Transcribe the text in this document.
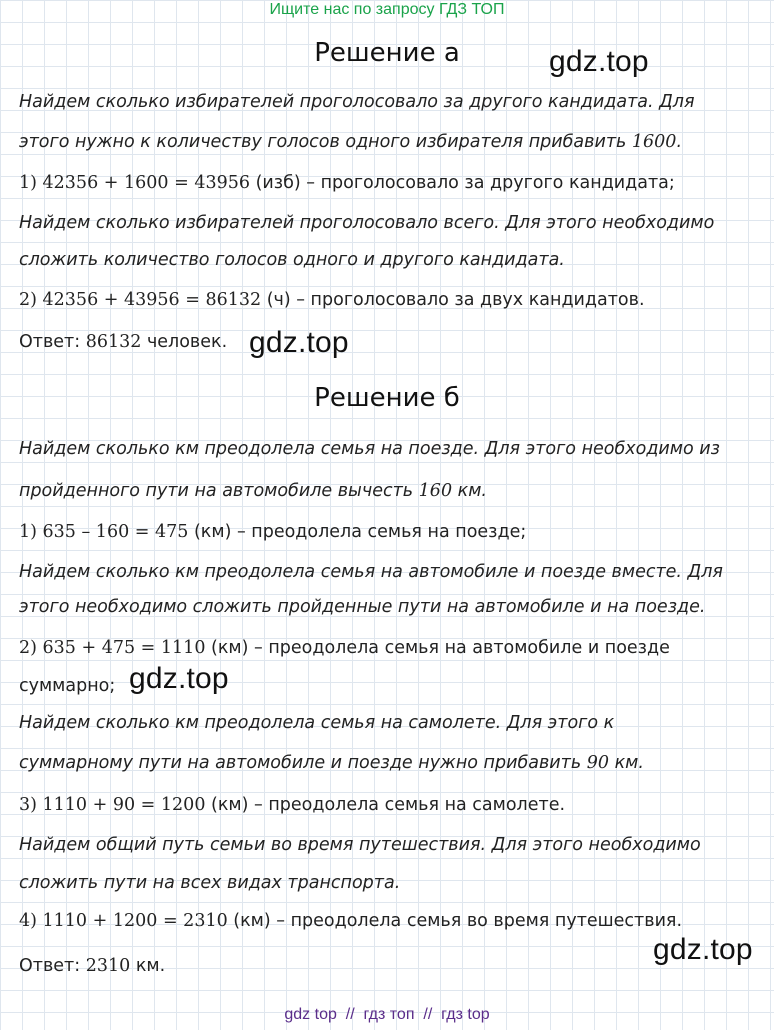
Ищите нас по запросу ГДЗ ТОП
Решение а	gdz.top
Найдем сколько избирателей проголосовало за другого кандидата. Для
этого нужно к количеству голосов одного избирателя прибавить 1600.
1) 42356 + 1600 = 43956 (изб) – проголосовало за другого кандидата;
Найдем сколько избирателей проголосовало всего. Для этого необходимо
сложить количество голосов одного и другого кандидата.
2) 42356 + 43956 = 86132 (ч) – проголосовало за двух кандидатов.
Ответ: 86132 человек. gdz.top
Решение б
Найдем сколько км преодолела семья на поезде. Для этого необходимо из
пройденного пути на автомобиле вычесть 160 км.
1) 635 – 160 = 475 (км) – преодолела семья на поезде;
Найдем сколько км преодолела семья на автомобиле и поезде вместе. Для
этого необходимо сложить пройденные пути на автомобиле и на поезде.
2) 635 + 475 = 1110 (км) – преодолела семья на автомобиле и поезде
суммарно; gdz.top
Найдем сколько км преодолела семья на самолете. Для этого к
суммарному пути на автомобиле и поезде нужно прибавить 90 км.
3) 1110 + 90 = 1200 (км) – преодолела семья на самолете.
Найдем общий путь семьи во время путешествия. Для этого необходимо
сложить пути на всех видах транспорта.
4) 1110 + 1200 = 2310 (км) – преодолела семья во время путешествия.
gdz.top
Ответ: 2310 км.
gdz top  //  гдз топ  //  гдз top
